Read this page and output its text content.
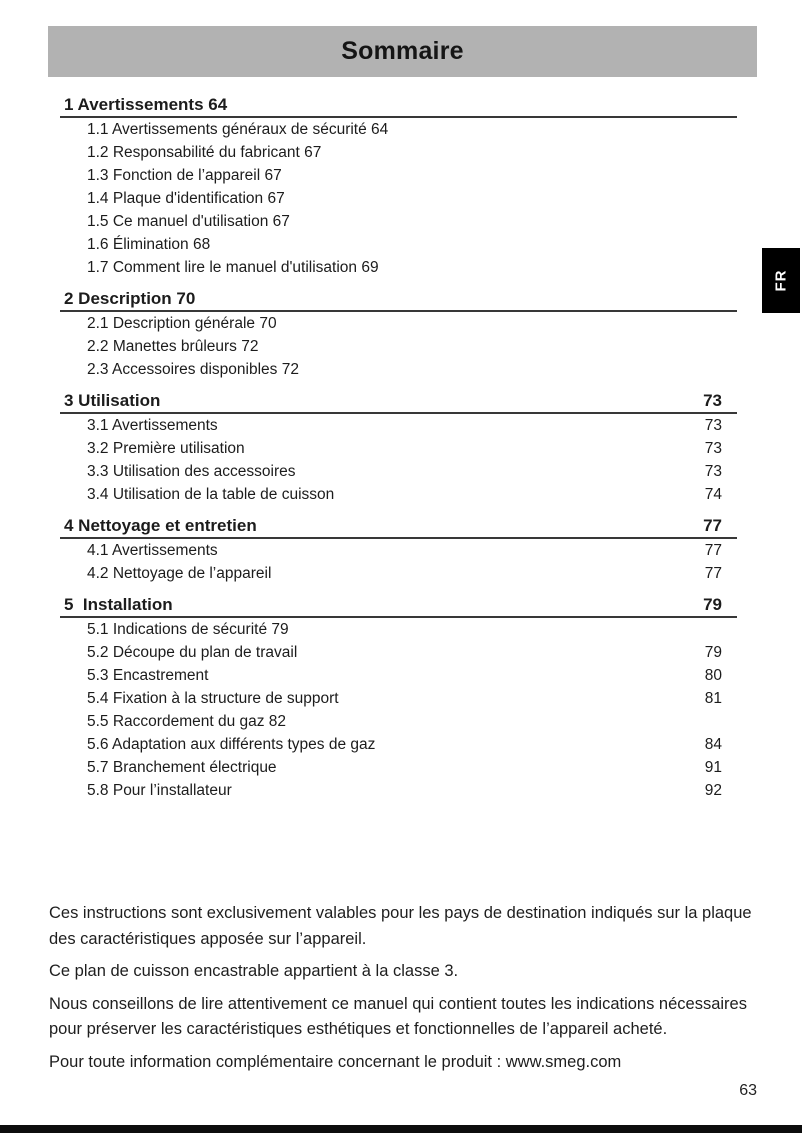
Sommaire
FR
1 Avertissements 64
1.1 Avertissements généraux de sécurité 64
1.2 Responsabilité du fabricant 67
1.3 Fonction de l’appareil 67
1.4 Plaque d'identification 67
1.5 Ce manuel d'utilisation 67
1.6 Élimination 68
1.7 Comment lire le manuel d'utilisation 69
2 Description 70
2.1 Description générale 70
2.2 Manettes brûleurs 72
2.3 Accessoires disponibles 72
3 Utilisation	73
3.1 Avertissements	73
3.2 Première utilisation	73
3.3 Utilisation des accessoires	73
3.4 Utilisation de la table de cuisson	74
4 Nettoyage et entretien	77
4.1 Avertissements	77
4.2 Nettoyage de l’appareil	77
5  Installation	79
5.1 Indications de sécurité 79
5.2 Découpe du plan de travail	79
5.3 Encastrement	80
5.4 Fixation à la structure de support	81
5.5 Raccordement du gaz 82
5.6 Adaptation aux différents types de gaz	84
5.7 Branchement électrique	91
5.8 Pour l’installateur	92

Ces instructions sont exclusivement valables pour les pays de destination indiqués sur la plaque des caractéristiques apposée sur l’appareil.

Ce plan de cuisson encastrable appartient à la classe 3.

Nous conseillons de lire attentivement ce manuel qui contient toutes les indications nécessaires pour préserver les caractéristiques esthétiques et fonctionnelles de l’appareil acheté.

Pour toute information complémentaire concernant le produit : www.smeg.com

63
